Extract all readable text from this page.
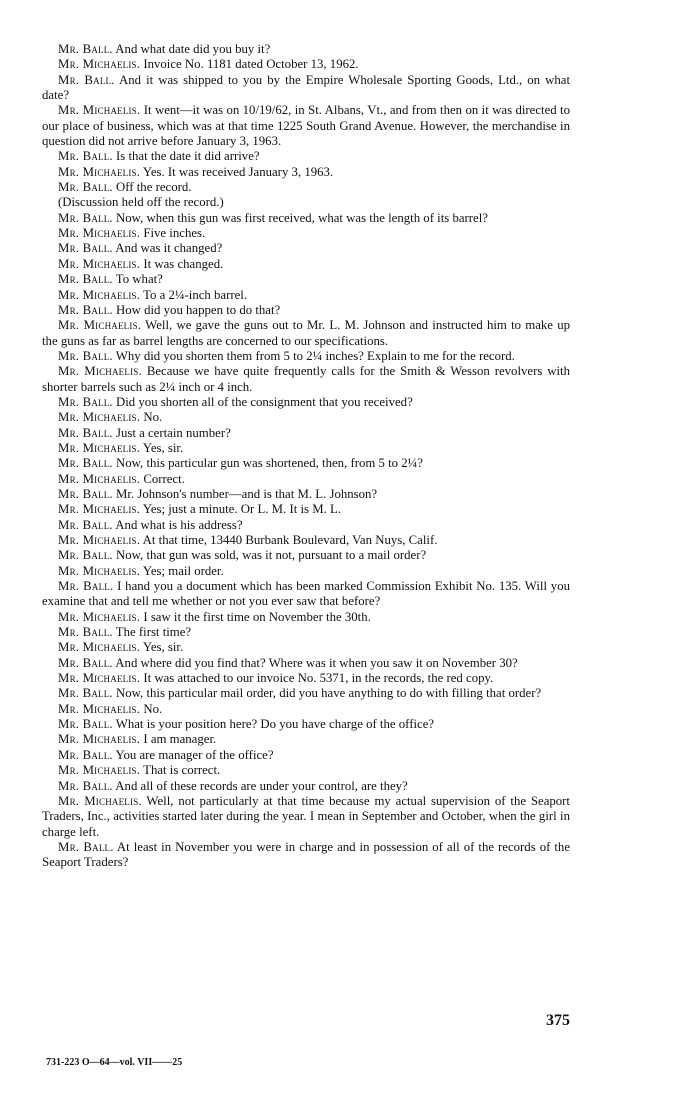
Mr. Ball. And what date did you buy it?

Mr. Michaelis. Invoice No. 1181 dated October 13, 1962.

Mr. Ball. And it was shipped to you by the Empire Wholesale Sporting Goods, Ltd., on what date?

Mr. Michaelis. It went—it was on 10/19/62, in St. Albans, Vt., and from then on it was directed to our place of business, which was at that time 1225 South Grand Avenue. However, the merchandise in question did not arrive before January 3, 1963.

Mr. Ball. Is that the date it did arrive?

Mr. Michaelis. Yes. It was received January 3, 1963.

Mr. Ball. Off the record.

(Discussion held off the record.)

Mr. Ball. Now, when this gun was first received, what was the length of its barrel?

Mr. Michaelis. Five inches.

Mr. Ball. And was it changed?

Mr. Michaelis. It was changed.

Mr. Ball. To what?

Mr. Michaelis. To a 2¼-inch barrel.

Mr. Ball. How did you happen to do that?

Mr. Michaelis. Well, we gave the guns out to Mr. L. M. Johnson and instructed him to make up the guns as far as barrel lengths are concerned to our specifications.

Mr. Ball. Why did you shorten them from 5 to 2¼ inches? Explain to me for the record.

Mr. Michaelis. Because we have quite frequently calls for the Smith & Wesson revolvers with shorter barrels such as 2¼ inch or 4 inch.

Mr. Ball. Did you shorten all of the consignment that you received?

Mr. Michaelis. No.

Mr. Ball. Just a certain number?

Mr. Michaelis. Yes, sir.

Mr. Ball. Now, this particular gun was shortened, then, from 5 to 2¼?

Mr. Michaelis. Correct.

Mr. Ball. Mr. Johnson's number—and is that M. L. Johnson?

Mr. Michaelis. Yes; just a minute. Or L. M. It is M. L.

Mr. Ball. And what is his address?

Mr. Michaelis. At that time, 13440 Burbank Boulevard, Van Nuys, Calif.

Mr. Ball. Now, that gun was sold, was it not, pursuant to a mail order?

Mr. Michaelis. Yes; mail order.

Mr. Ball. I hand you a document which has been marked Commission Exhibit No. 135. Will you examine that and tell me whether or not you ever saw that before?

Mr. Michaelis. I saw it the first time on November the 30th.

Mr. Ball. The first time?

Mr. Michaelis. Yes, sir.

Mr. Ball. And where did you find that? Where was it when you saw it on November 30?

Mr. Michaelis. It was attached to our invoice No. 5371, in the records, the red copy.

Mr. Ball. Now, this particular mail order, did you have anything to do with filling that order?

Mr. Michaelis. No.

Mr. Ball. What is your position here? Do you have charge of the office?

Mr. Michaelis. I am manager.

Mr. Ball. You are manager of the office?

Mr. Michaelis. That is correct.

Mr. Ball. And all of these records are under your control, are they?

Mr. Michaelis. Well, not particularly at that time because my actual supervision of the Seaport Traders, Inc., activities started later during the year. I mean in September and October, when the girl in charge left.

Mr. Ball. At least in November you were in charge and in possession of all of the records of the Seaport Traders?

375
731-223 O—64—vol. VII——25
